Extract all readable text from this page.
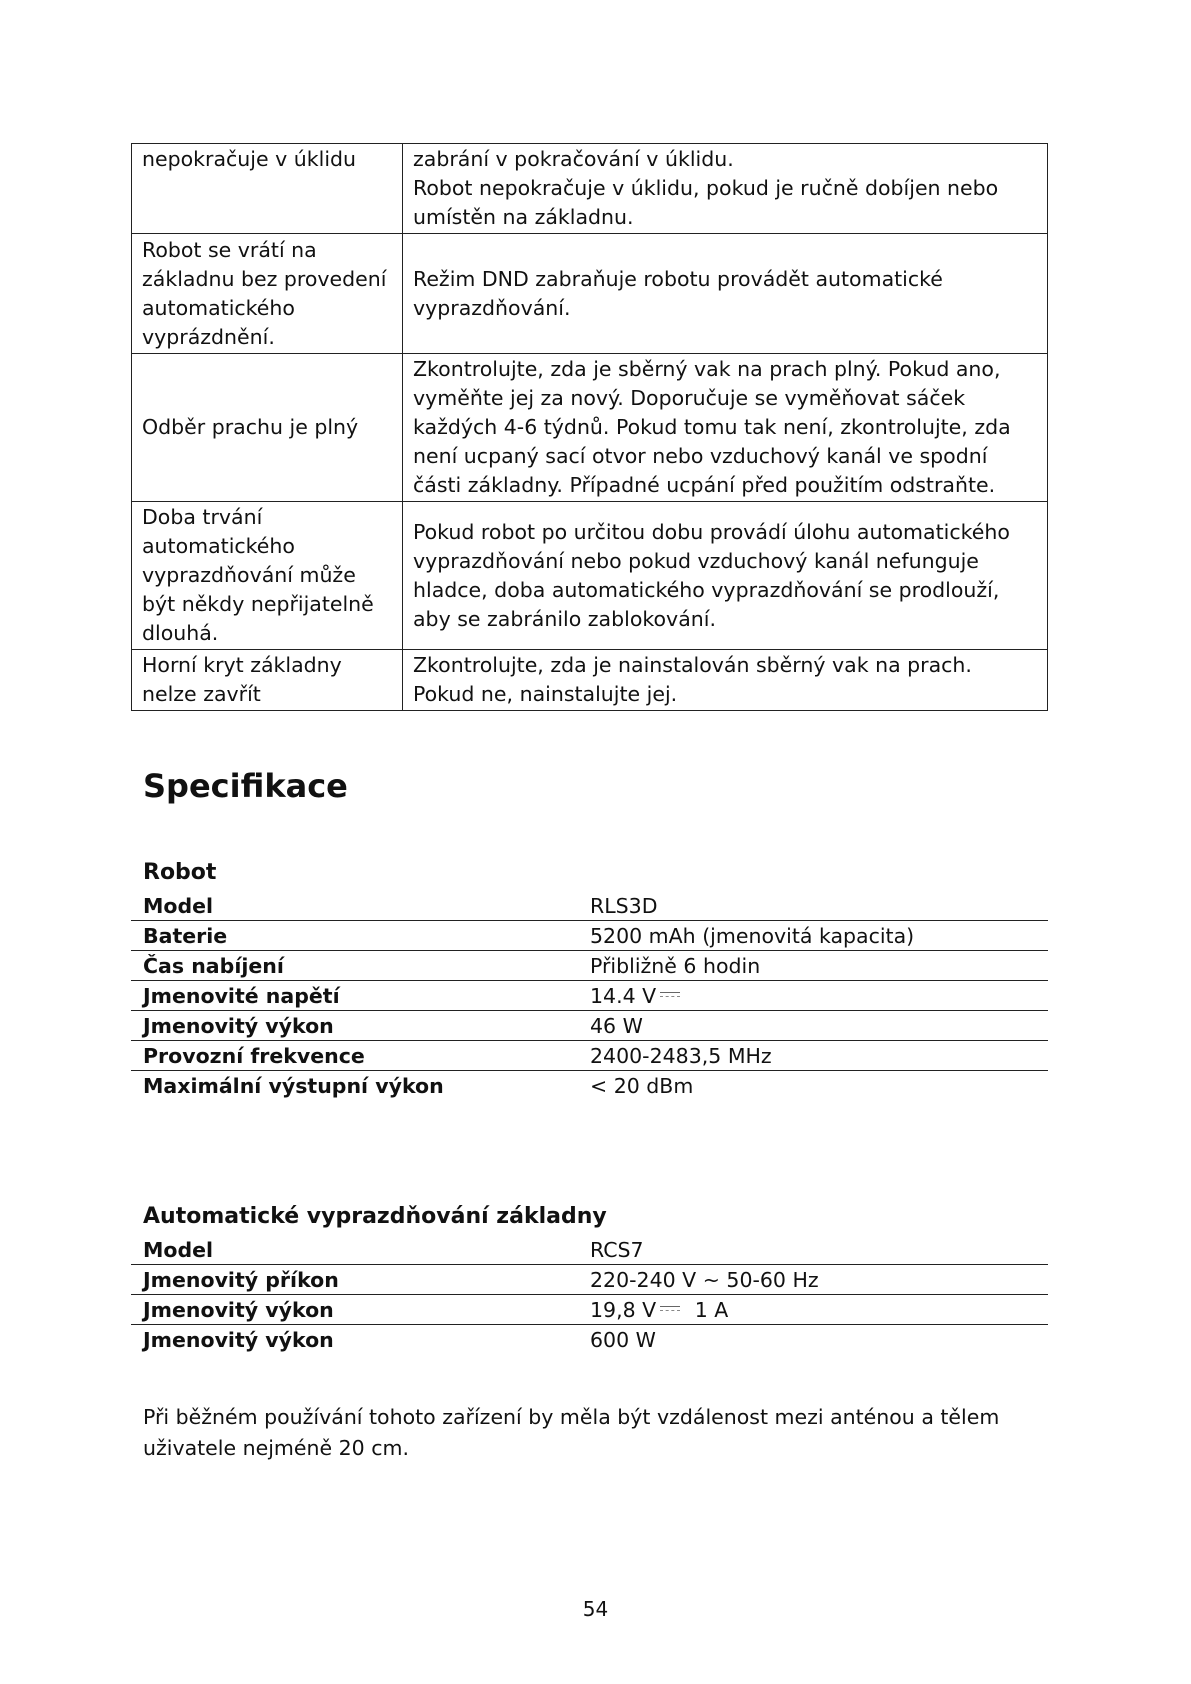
nepokračuje v úklidu	zabrání v pokračování v úklidu.
Robot nepokračuje v úklidu, pokud je ručně dobíjen nebo umístěn na základnu.
Robot se vrátí na základnu bez provedení automatického vyprázdnění.	Režim DND zabraňuje robotu provádět automatické vyprazdňování.
Odběr prachu je plný	Zkontrolujte, zda je sběrný vak na prach plný. Pokud ano, vyměňte jej za nový. Doporučuje se vyměňovat sáček každých 4-6 týdnů. Pokud tomu tak není, zkontrolujte, zda není ucpaný sací otvor nebo vzduchový kanál ve spodní části základny. Případné ucpání před použitím odstraňte.
Doba trvání automatického vyprazdňování může být někdy nepřijatelně dlouhá.	Pokud robot po určitou dobu provádí úlohu automatického vyprazdňování nebo pokud vzduchový kanál nefunguje hladce, doba automatického vyprazdňování se prodlouží, aby se zabránilo zablokování.
Horní kryt základny nelze zavřít	Zkontrolujte, zda je nainstalován sběrný vak na prach. Pokud ne, nainstalujte jej.
Specifikace
Robot
Model	RLS3D
Baterie	5200 mAh (jmenovitá kapacita)
Čas nabíjení	Přibližně 6 hodin
Jmenovité napětí	14.4 V
Jmenovitý výkon	46 W
Provozní frekvence	2400-2483,5 MHz
Maximální výstupní výkon	< 20 dBm
Automatické vyprazdňování základny
Model	RCS7
Jmenovitý příkon	220-240 V ~ 50-60 Hz
Jmenovitý výkon	19,8 V 1 A
Jmenovitý výkon	600 W

Při běžném používání tohoto zařízení by měla být vzdálenost mezi anténou a tělem uživatele nejméně 20 cm.

54
